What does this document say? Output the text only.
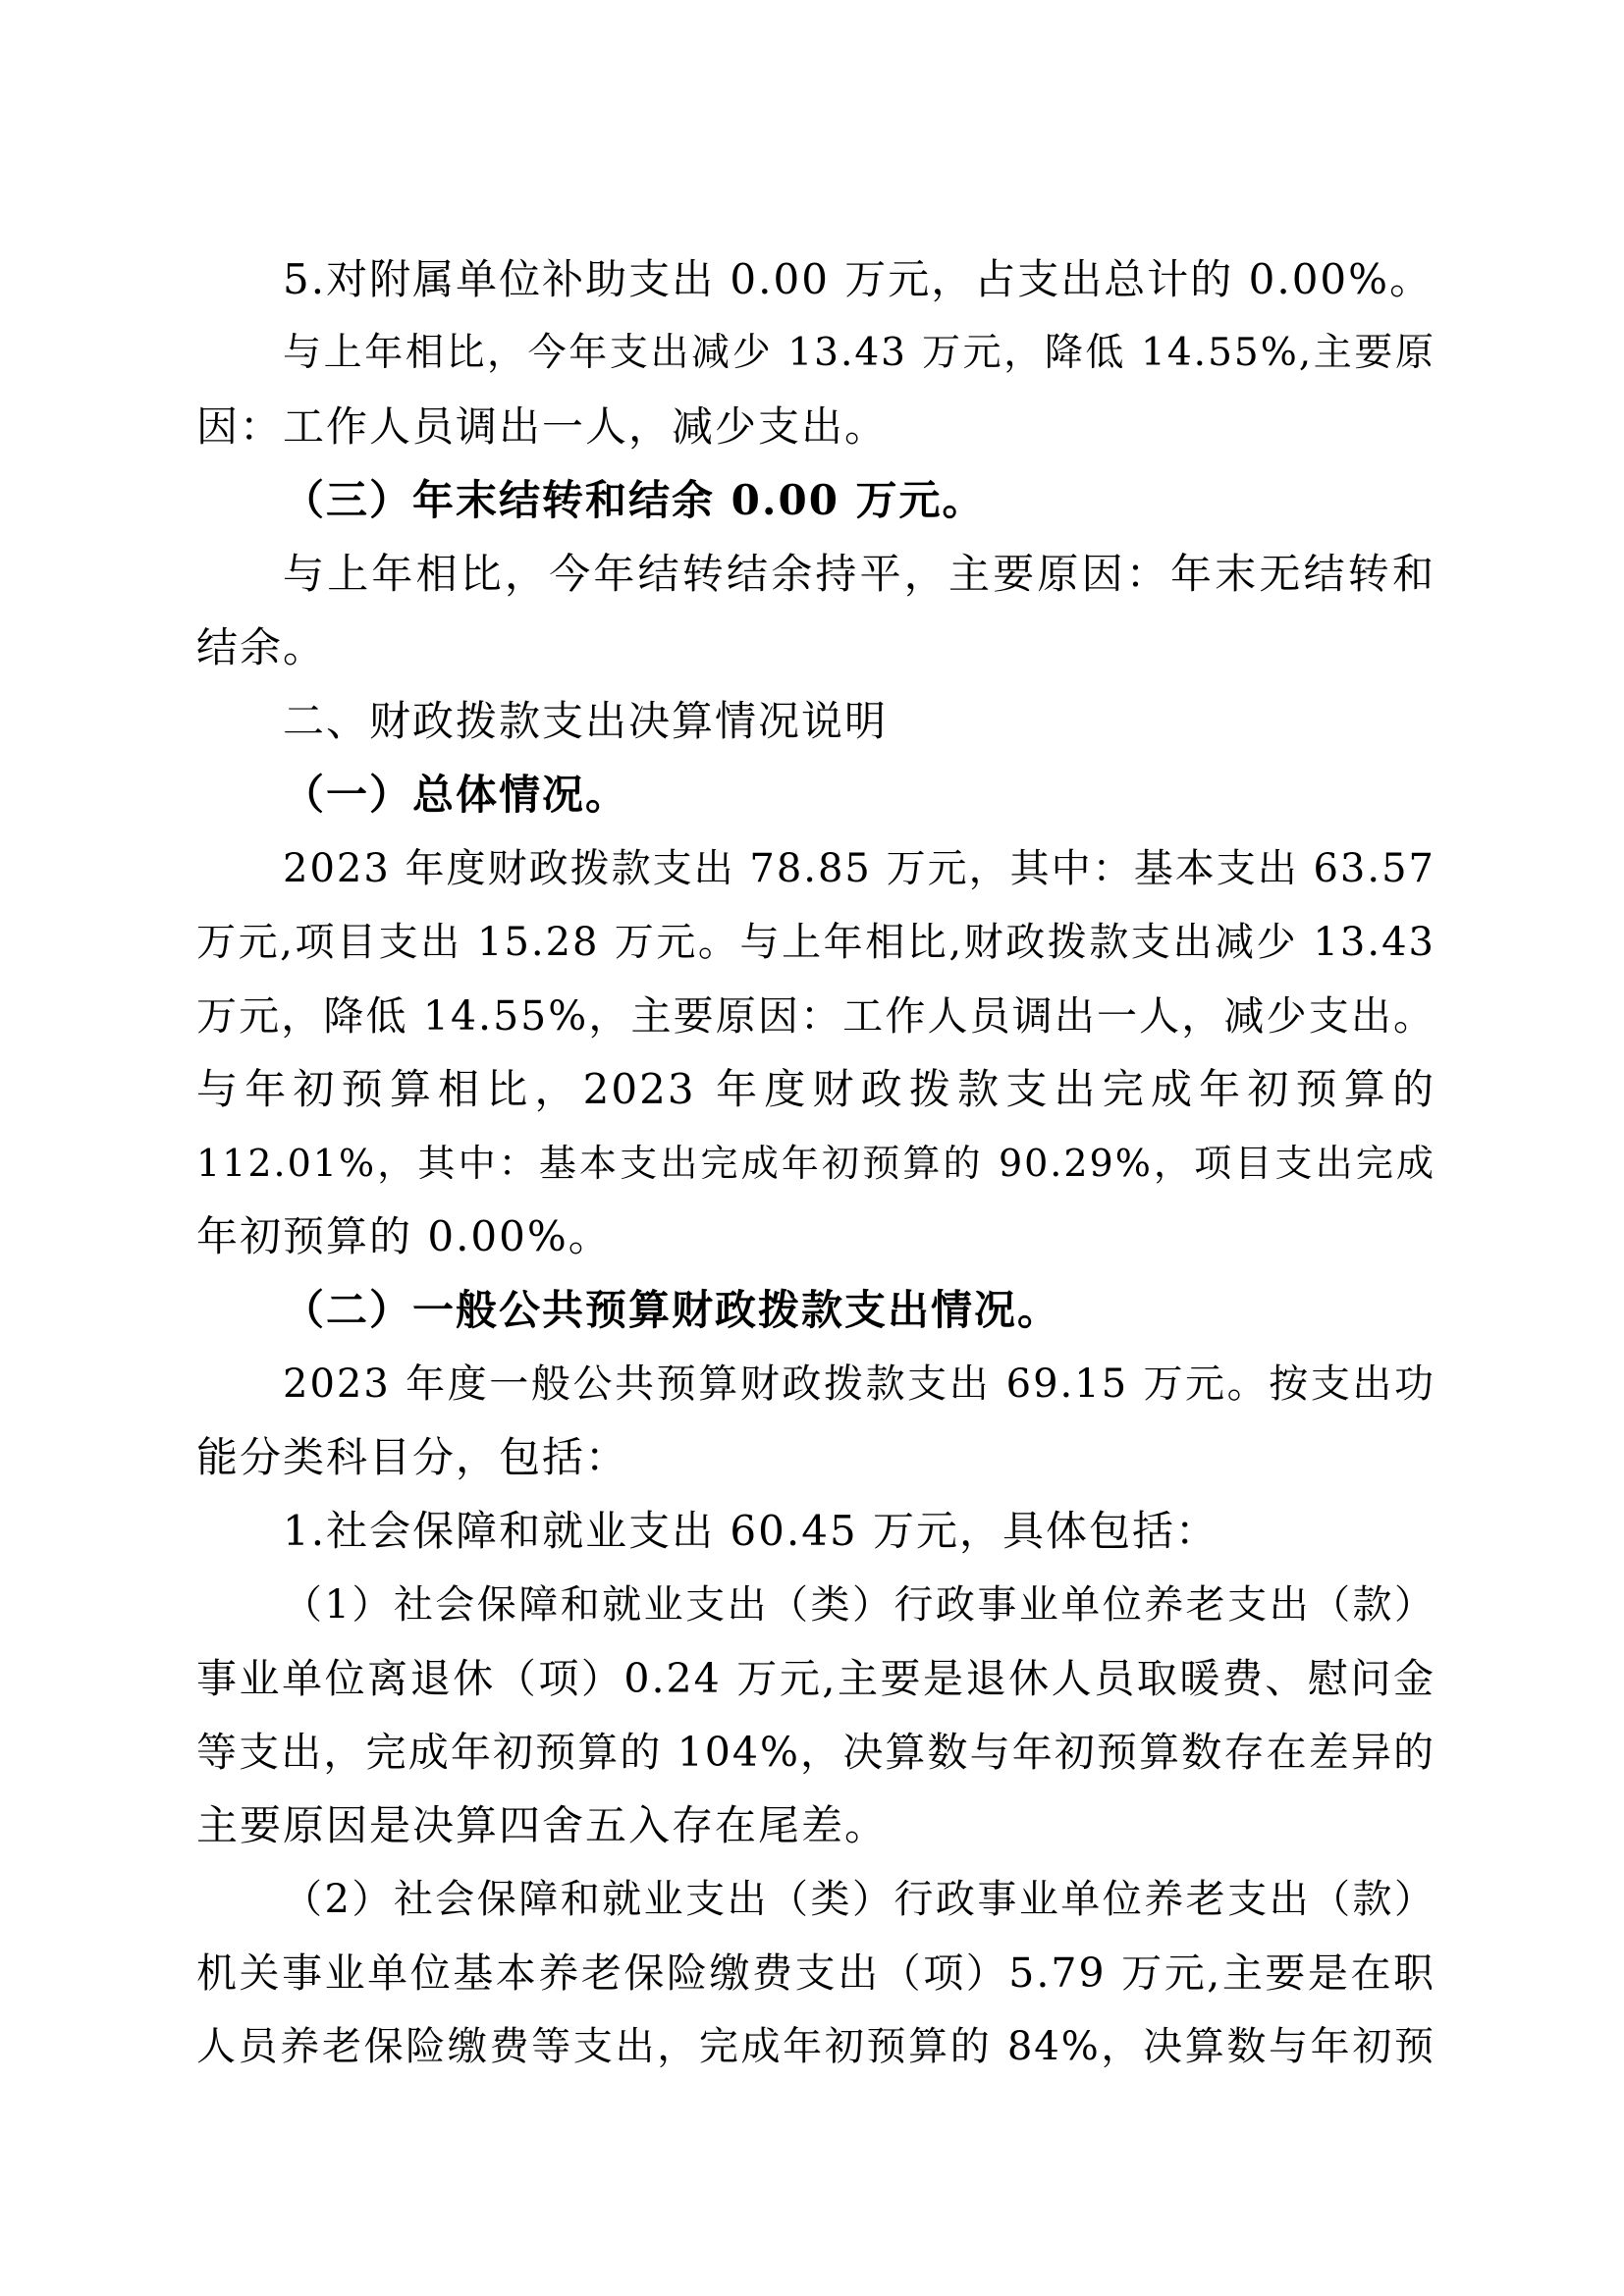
5.对附属单位补助支出 0.00 万元，占支出总计的 0.00%。
与上年相比，今年支出减少 13.43 万元，降低 14.55%,主要原
因：工作人员调出一人，减少支出。
（三）年末结转和结余 0.00 万元。
与上年相比，今年结转结余持平，主要原因：年末无结转和
结余。
二、财政拨款支出决算情况说明
（一）总体情况。
2023 年度财政拨款支出 78.85 万元，其中：基本支出 63.57
万元,项目支出 15.28 万元。与上年相比,财政拨款支出减少 13.43
万元，降低 14.55%，主要原因：工作人员调出一人，减少支出。
与年初预算相比，2023 年度财政拨款支出完成年初预算的
112.01%，其中：基本支出完成年初预算的 90.29%，项目支出完成
年初预算的 0.00%。
（二）一般公共预算财政拨款支出情况。
2023 年度一般公共预算财政拨款支出 69.15 万元。按支出功
能分类科目分，包括：
1.社会保障和就业支出 60.45 万元，具体包括：
（1）社会保障和就业支出（类）行政事业单位养老支出（款）
事业单位离退休（项）0.24 万元,主要是退休人员取暖费、慰问金
等支出，完成年初预算的 104%，决算数与年初预算数存在差异的
主要原因是决算四舍五入存在尾差。
（2）社会保障和就业支出（类）行政事业单位养老支出（款）
机关事业单位基本养老保险缴费支出（项）5.79 万元,主要是在职
人员养老保险缴费等支出，完成年初预算的 84%，决算数与年初预
